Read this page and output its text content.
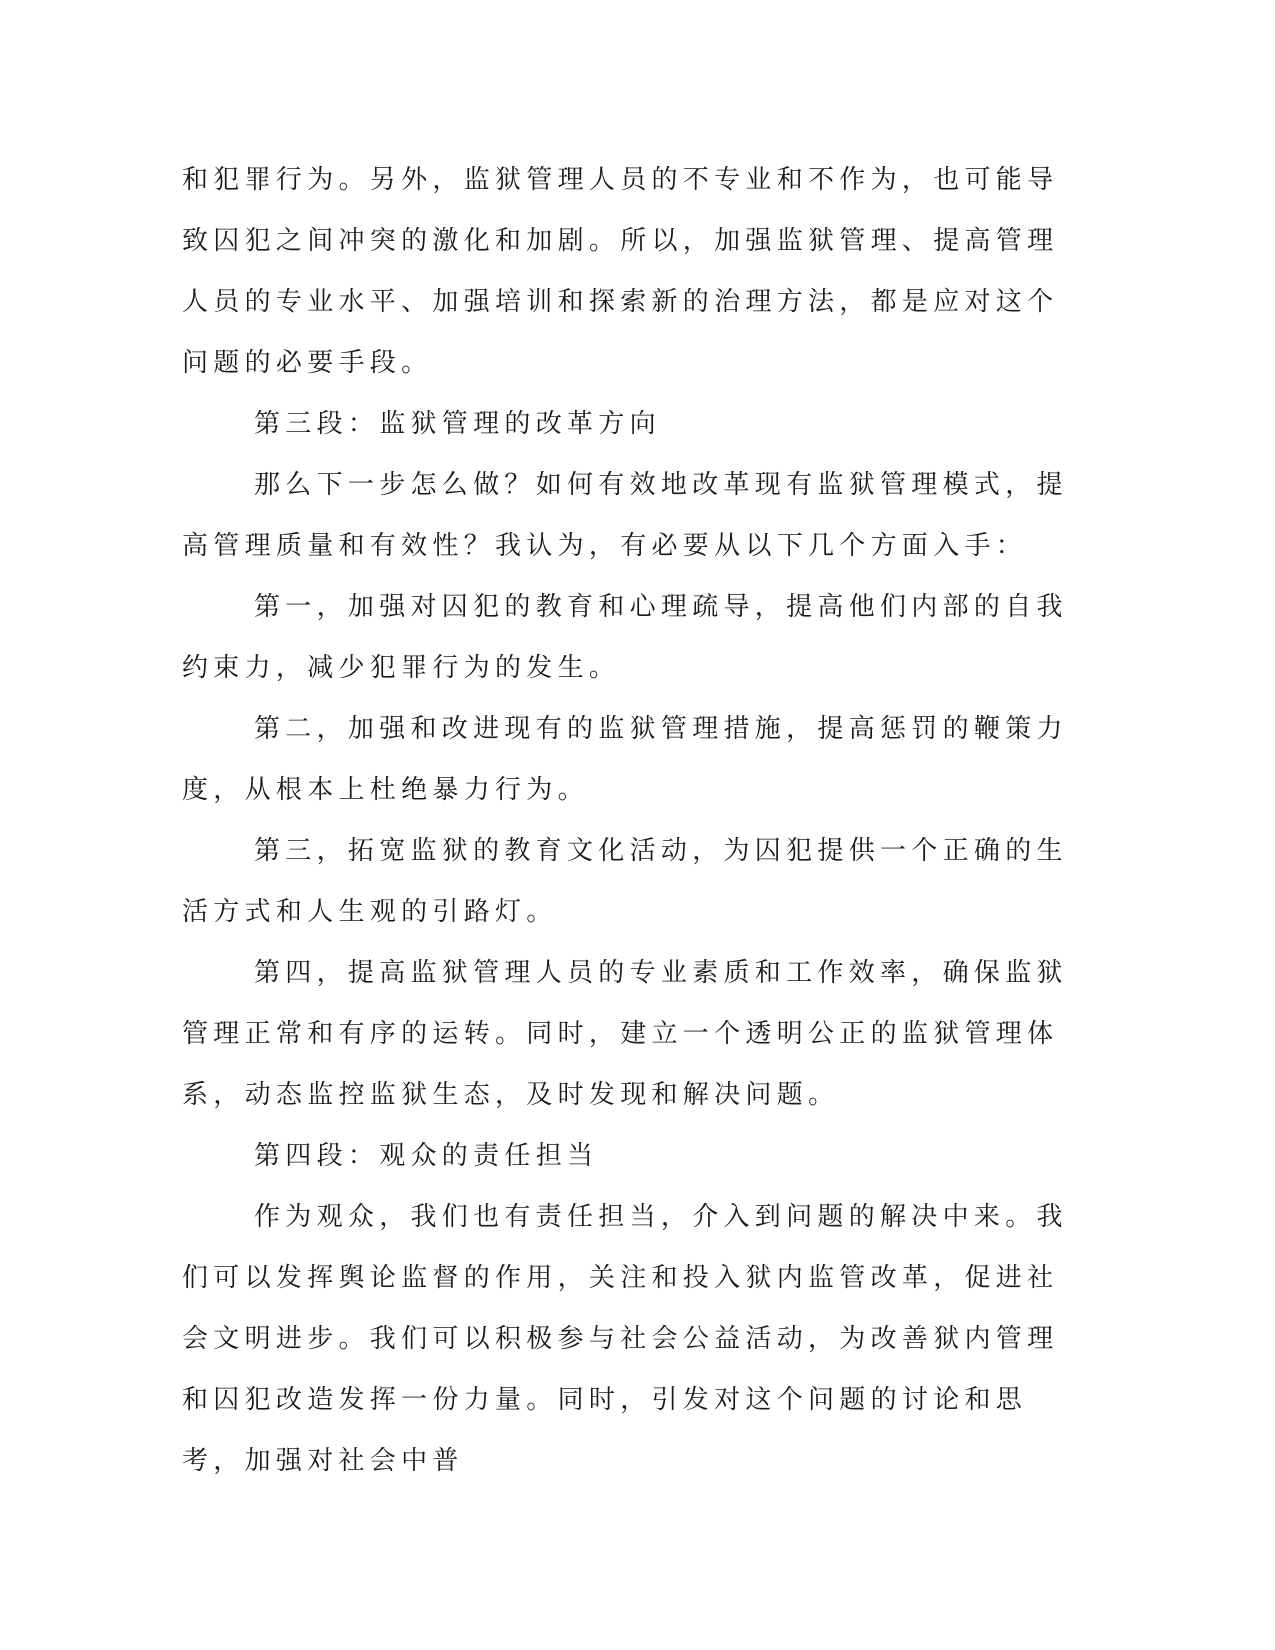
和犯罪行为。另外，监狱管理人员的不专业和不作为，也可能导致囚犯之间冲突的激化和加剧。所以，加强监狱管理、提高管理人员的专业水平、加强培训和探索新的治理方法，都是应对这个问题的必要手段。

第三段：监狱管理的改革方向

那么下一步怎么做？如何有效地改革现有监狱管理模式，提高管理质量和有效性？我认为，有必要从以下几个方面入手：

第一，加强对囚犯的教育和心理疏导，提高他们内部的自我约束力，减少犯罪行为的发生。

第二，加强和改进现有的监狱管理措施，提高惩罚的鞭策力度，从根本上杜绝暴力行为。

第三，拓宽监狱的教育文化活动，为囚犯提供一个正确的生活方式和人生观的引路灯。

第四，提高监狱管理人员的专业素质和工作效率，确保监狱管理正常和有序的运转。同时，建立一个透明公正的监狱管理体系，动态监控监狱生态，及时发现和解决问题。

第四段：观众的责任担当

作为观众，我们也有责任担当，介入到问题的解决中来。我们可以发挥舆论监督的作用，关注和投入狱内监管改革，促进社会文明进步。我们可以积极参与社会公益活动，为改善狱内管理和囚犯改造发挥一份力量。同时，引发对这个问题的讨论和思考，加强对社会中普
